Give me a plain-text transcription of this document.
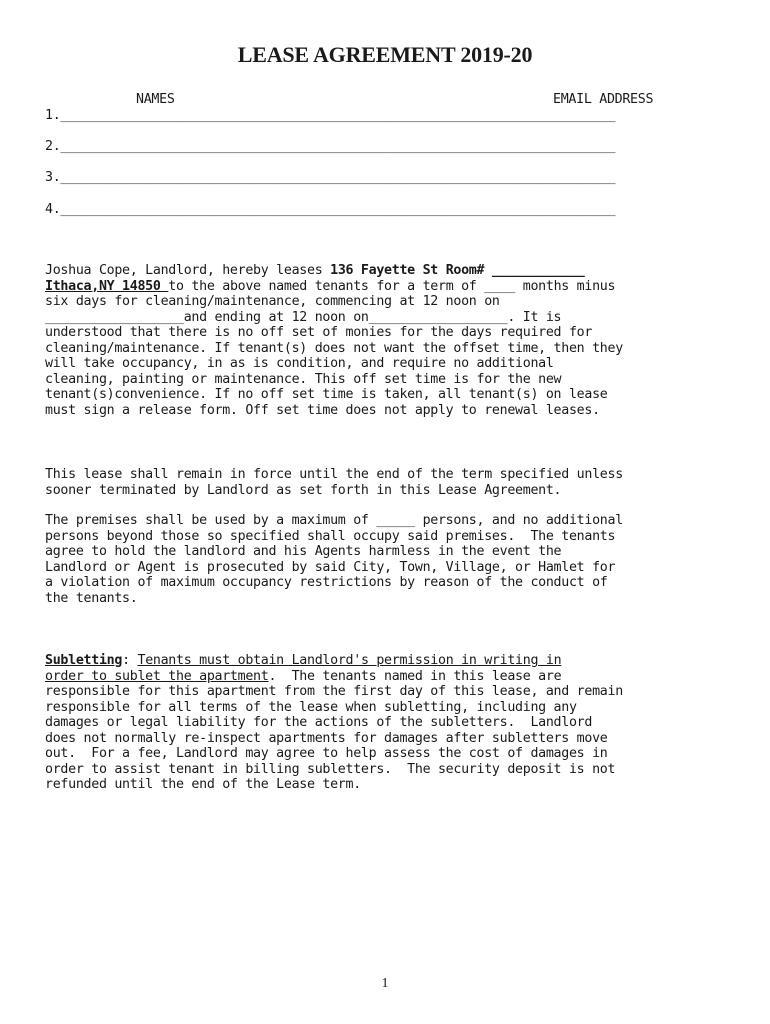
LEASE AGREEMENT 2019-20
NAMES	EMAIL ADDRESS
1.________________________________________________________________________
2.________________________________________________________________________
3.________________________________________________________________________
4.________________________________________________________________________
Joshua Cope, Landlord, hereby leases 136 Fayette St Room# ____________
Ithaca,NY 14850 to the above named tenants for a term of ____ months minus
six days for cleaning/maintenance, commencing at 12 noon on
__________________and ending at 12 noon on__________________. It is
understood that there is no off set of monies for the days required for
cleaning/maintenance. If tenant(s) does not want the offset time, then they
will take occupancy, in as is condition, and require no additional
cleaning, painting or maintenance. This off set time is for the new
tenant(s)convenience. If no off set time is taken, all tenant(s) on lease
must sign a release form. Off set time does not apply to renewal leases.
This lease shall remain in force until the end of the term specified unless
sooner terminated by Landlord as set forth in this Lease Agreement.
The premises shall be used by a maximum of _____ persons, and no additional
persons beyond those so specified shall occupy said premises.  The tenants
agree to hold the landlord and his Agents harmless in the event the
Landlord or Agent is prosecuted by said City, Town, Village, or Hamlet for
a violation of maximum occupancy restrictions by reason of the conduct of
the tenants.
Subletting: Tenants must obtain Landlord's permission in writing in
order to sublet the apartment.  The tenants named in this lease are
responsible for this apartment from the first day of this lease, and remain
responsible for all terms of the lease when subletting, including any
damages or legal liability for the actions of the subletters.  Landlord
does not normally re-inspect apartments for damages after subletters move
out.  For a fee, Landlord may agree to help assess the cost of damages in
order to assist tenant in billing subletters.  The security deposit is not
refunded until the end of the Lease term.
1
